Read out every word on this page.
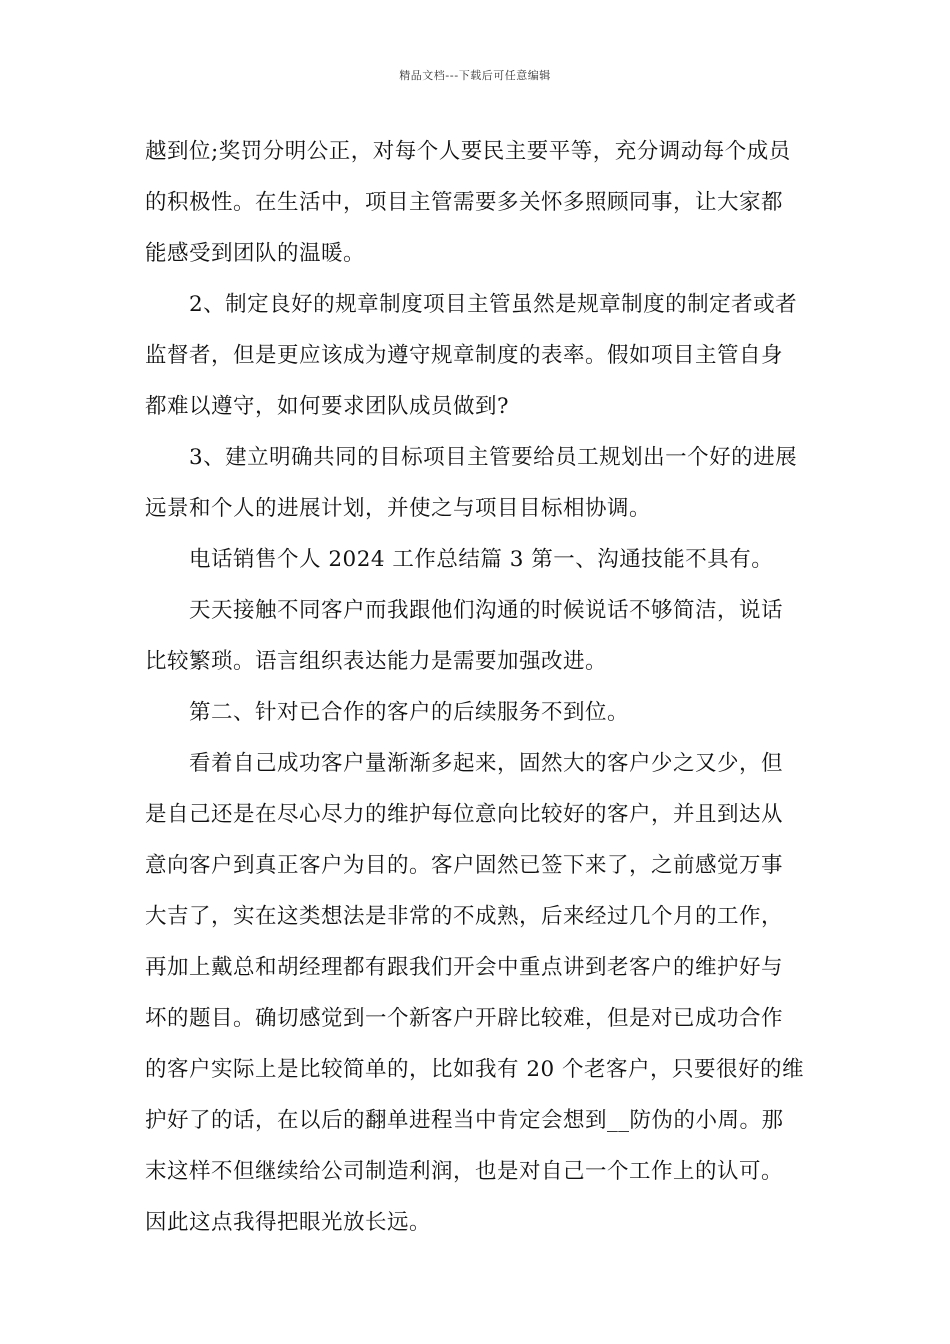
精品文档---下载后可任意编辑
越到位;奖罚分明公正，对每个人要民主要平等，充分调动每个成员
的积极性。在生活中，项目主管需要多关怀多照顾同事，让大家都
能感受到团队的温暖。
2、制定良好的规章制度项目主管虽然是规章制度的制定者或者
监督者，但是更应该成为遵守规章制度的表率。假如项目主管自身
都难以遵守，如何要求团队成员做到?
3、建立明确共同的目标项目主管要给员工规划出一个好的进展
远景和个人的进展计划，并使之与项目目标相协调。
电话销售个人 2024 工作总结篇 3 第一、沟通技能不具有。
天天接触不同客户而我跟他们沟通的时候说话不够简洁，说话
比较繁琐。语言组织表达能力是需要加强改进。
第二、针对已合作的客户的后续服务不到位。
看着自己成功客户量渐渐多起来，固然大的客户少之又少，但
是自己还是在尽心尽力的维护每位意向比较好的客户，并且到达从
意向客户到真正客户为目的。客户固然已签下来了，之前感觉万事
大吉了，实在这类想法是非常的不成熟，后来经过几个月的工作，
再加上戴总和胡经理都有跟我们开会中重点讲到老客户的维护好与
坏的题目。确切感觉到一个新客户开辟比较难，但是对已成功合作
的客户实际上是比较简单的，比如我有 20 个老客户，只要很好的维
护好了的话，在以后的翻单进程当中肯定会想到__防伪的小周。那
末这样不但继续给公司制造利润，也是对自己一个工作上的认可。
因此这点我得把眼光放长远。
